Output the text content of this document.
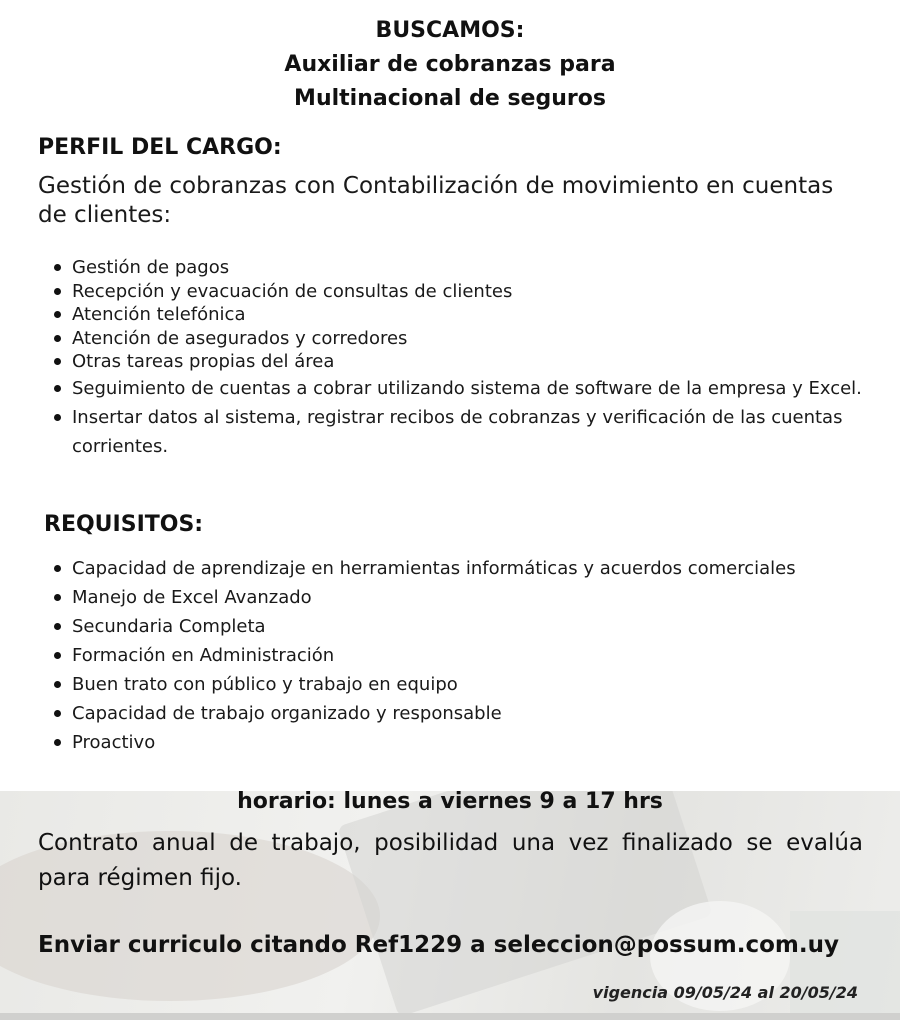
BUSCAMOS:
Auxiliar de cobranzas para
Multinacional de seguros
PERFIL DEL CARGO:
Gestión de cobranzas con Contabilización de movimiento en cuentas de clientes:
Gestión de pagos
Recepción y evacuación de consultas de clientes
Atención telefónica
Atención de asegurados y corredores
Otras tareas propias del área
Seguimiento de cuentas a cobrar utilizando sistema de software de la empresa y Excel.
Insertar datos al sistema, registrar recibos de cobranzas y verificación de las cuentas corrientes.
REQUISITOS:
Capacidad de aprendizaje en herramientas informáticas y acuerdos comerciales
Manejo de Excel Avanzado
Secundaria Completa
Formación en Administración
Buen trato con público y trabajo en equipo
Capacidad de trabajo organizado y responsable
Proactivo
horario: lunes a viernes 9 a 17 hrs
Contrato anual de trabajo, posibilidad una vez finalizado se evalúa para régimen fijo.
Enviar curriculo citando Ref1229 a seleccion@possum.com.uy
vigencia 09/05/24 al 20/05/24
